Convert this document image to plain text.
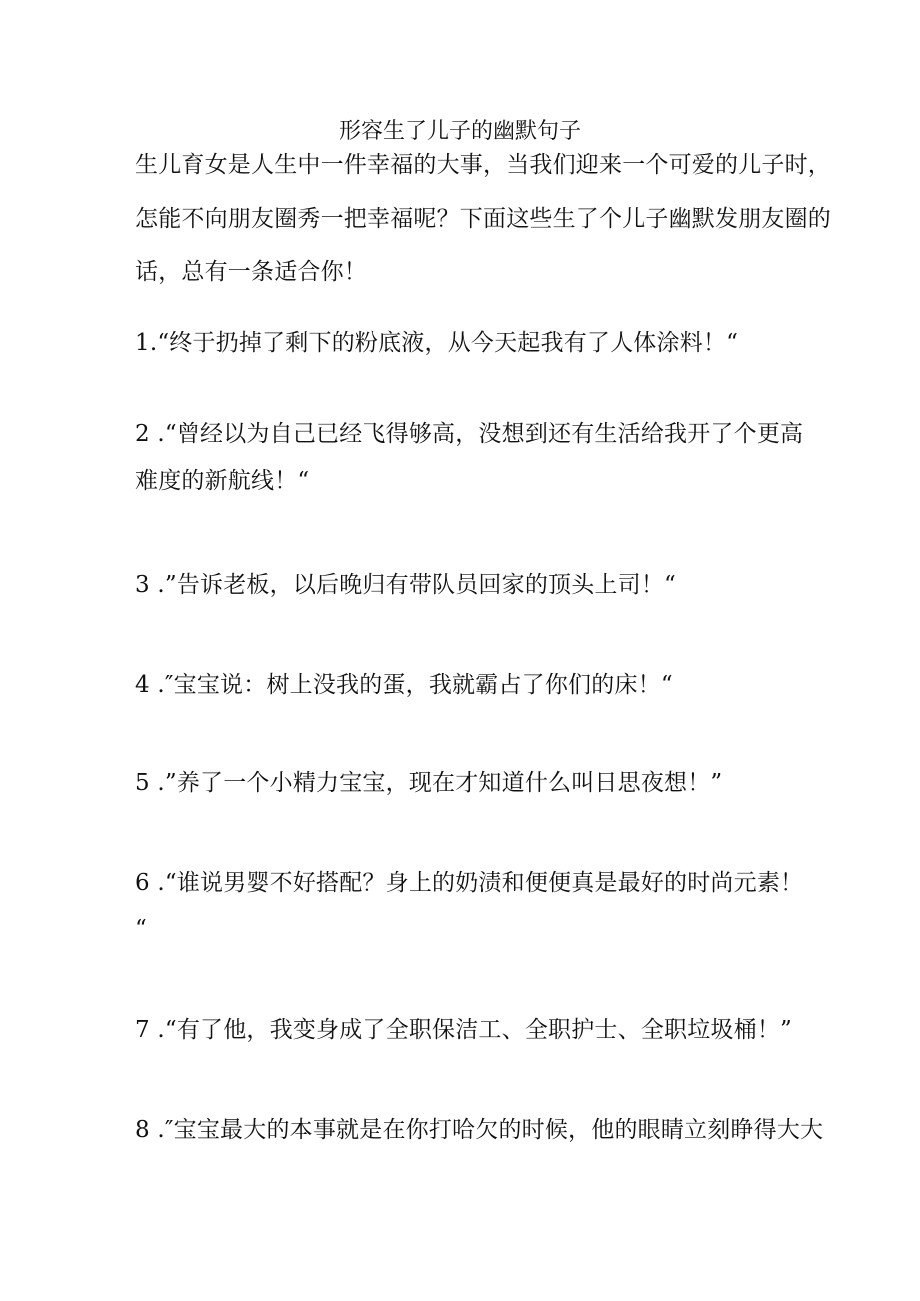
形容生了儿子的幽默句子
生儿育女是人生中一件幸福的大事，当我们迎来一个可爱的儿子时，
怎能不向朋友圈秀一把幸福呢？下面这些生了个儿子幽默发朋友圈的
话，总有一条适合你！
1.“终于扔掉了剩下的粉底液，从今天起我有了人体涂料！“
2 .“曾经以为自己已经飞得够高，没想到还有生活给我开了个更高
难度的新航线！“
3 .”告诉老板，以后晚归有带队员回家的顶头上司！“
4 .″宝宝说：树上没我的蛋，我就霸占了你们的床！“
5 .”养了一个小精力宝宝，现在才知道什么叫日思夜想！”
6 .“谁说男婴不好搭配？身上的奶渍和便便真是最好的时尚元素！
“
7 .“有了他，我变身成了全职保洁工、全职护士、全职垃圾桶！”
8 .″宝宝最大的本事就是在你打哈欠的时候，他的眼睛立刻睁得大大
